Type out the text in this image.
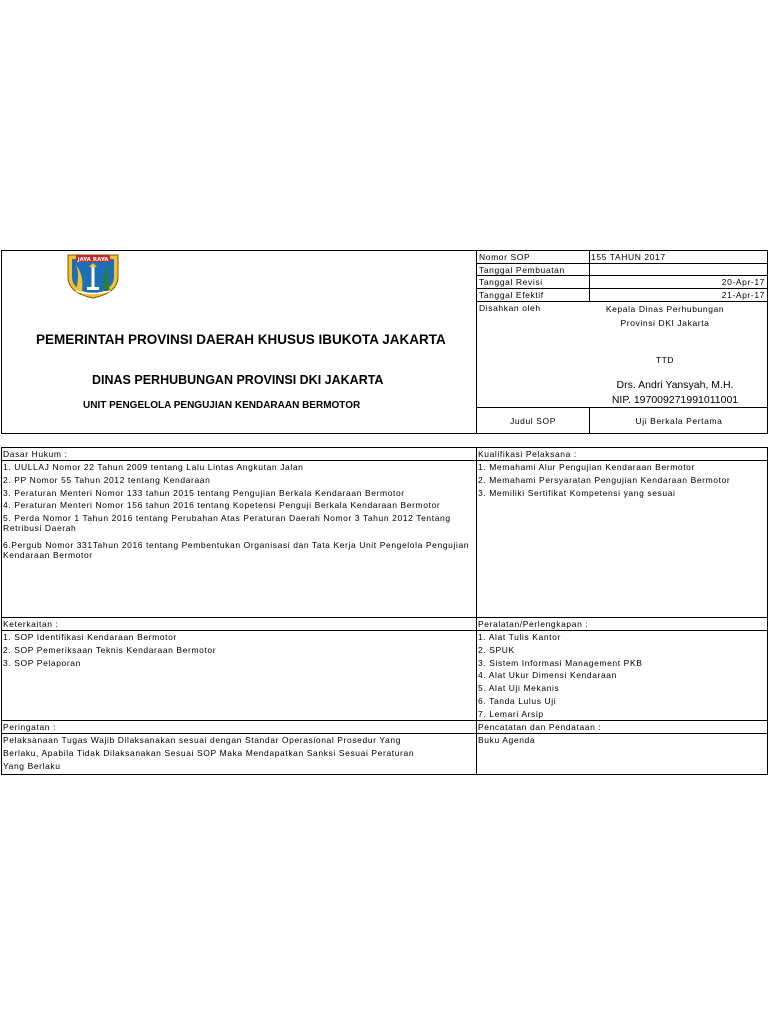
JAYA RAYA
PEMERINTAH PROVINSI DAERAH KHUSUS IBUKOTA JAKARTA
DINAS PERHUBUNGAN PROVINSI DKI JAKARTA
UNIT PENGELOLA PENGUJIAN KENDARAAN BERMOTOR
Nomor SOP	155 TAHUN 2017
Tanggal Pembuatan
Tanggal Revisi	20-Apr-17
Tanggal Efektif	21-Apr-17
Disahkan oleh	Kepala Dinas Perhubungan
Provinsi DKI Jakarta
TTD
Drs. Andri Yansyah, M.H.
NIP. 197009271991011001
Judul SOP	Uji Berkala Pertama
Dasar Hukum :
1. UULLAJ Nomor 22 Tahun 2009 tentang Lalu Lintas Angkutan Jalan
2. PP Nomor 55 Tahun 2012 tentang Kendaraan
3. Peraturan Menteri Nomor 133 tahun 2015 tentang Pengujian Berkala Kendaraan Bermotor
4. Peraturan Menteri Nomor 156 tahun 2016 tentang Kopetensi Penguji Berkala Kendaraan Bermotor
5. Perda Nomor 1 Tahun 2016 tentang Perubahan Atas Peraturan Daerah Nomor 3 Tahun 2012 Tentang Retribusi Daerah
6.Pergub Nomor 331Tahun 2016 tentang Pembentukan Organisasi dan Tata Kerja Unit Pengelola Pengujian Kendaraan Bermotor
Kualifikasi Pelaksana :
1. Memahami Alur Pengujian Kendaraan Bermotor
2. Memahami Persyaratan Pengujian Kendaraan Bermotor
3. Memiliki Sertifikat Kompetensi yang sesuai
Keterkaitan :
1. SOP Identifikasi Kendaraan Bermotor
2. SOP Pemeriksaan Teknis Kendaraan Bermotor
3. SOP Pelaporan
Peralatan/Perlengkapan :
1. Alat Tulis Kantor
2. SPUK
3. Sistem Informasi Management PKB
4. Alat Ukur Dimensi Kendaraan
5. Alat Uji Mekanis
6. Tanda Lulus Uji
7. Lemari Arsip
Peringatan :
Pelaksanaan Tugas Wajib Dilaksanakan sesuai dengan Standar Operasional Prosedur Yang
Berlaku, Apabila Tidak Dilaksanakan Sesuai SOP Maka Mendapatkan Sanksi Sesuai Peraturan
Yang Berlaku
Pencatatan dan Pendataan :
Buku Agenda
